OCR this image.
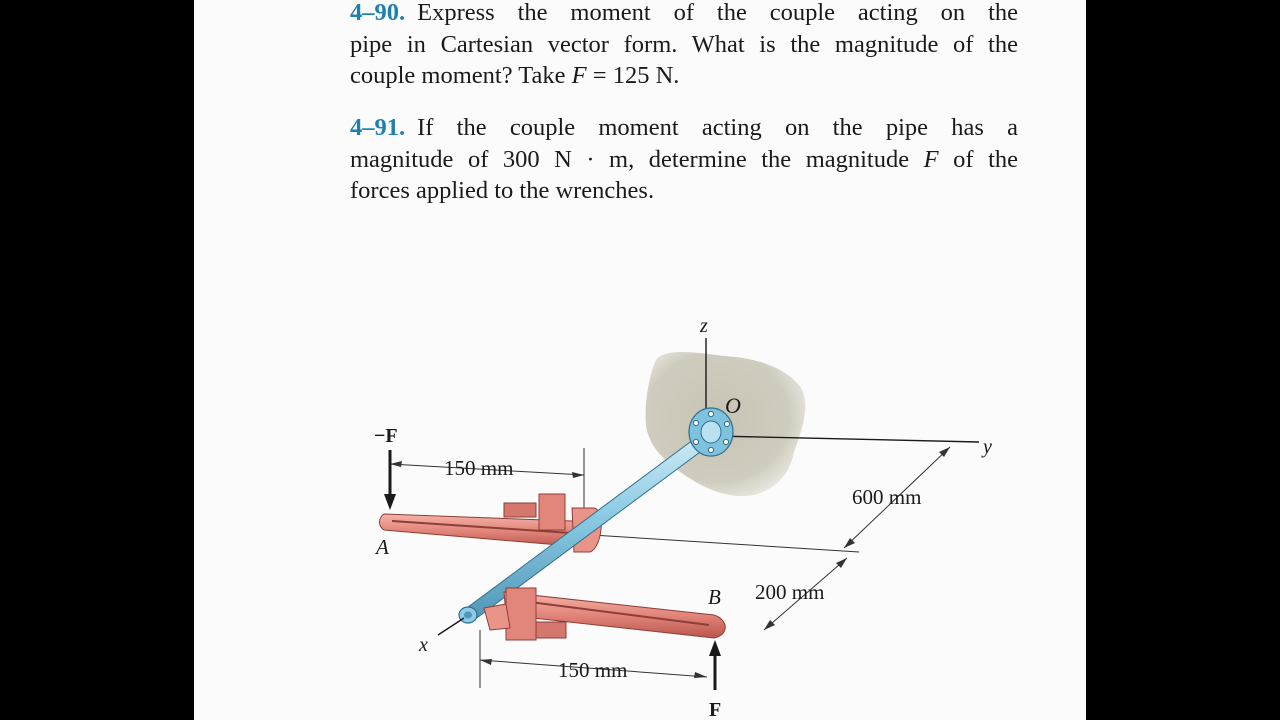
4–90. Express the moment of the couple acting on the
pipe in Cartesian vector form. What is the magnitude of the
couple moment? Take F = 125 N.
4–91. If the couple moment acting on the pipe has a
magnitude of 300 N · m, determine the magnitude F of the
forces applied to the wrenches.
z
O
y
−F
150 mm
600 mm
A
B 200 mm
x
150 mm
F
